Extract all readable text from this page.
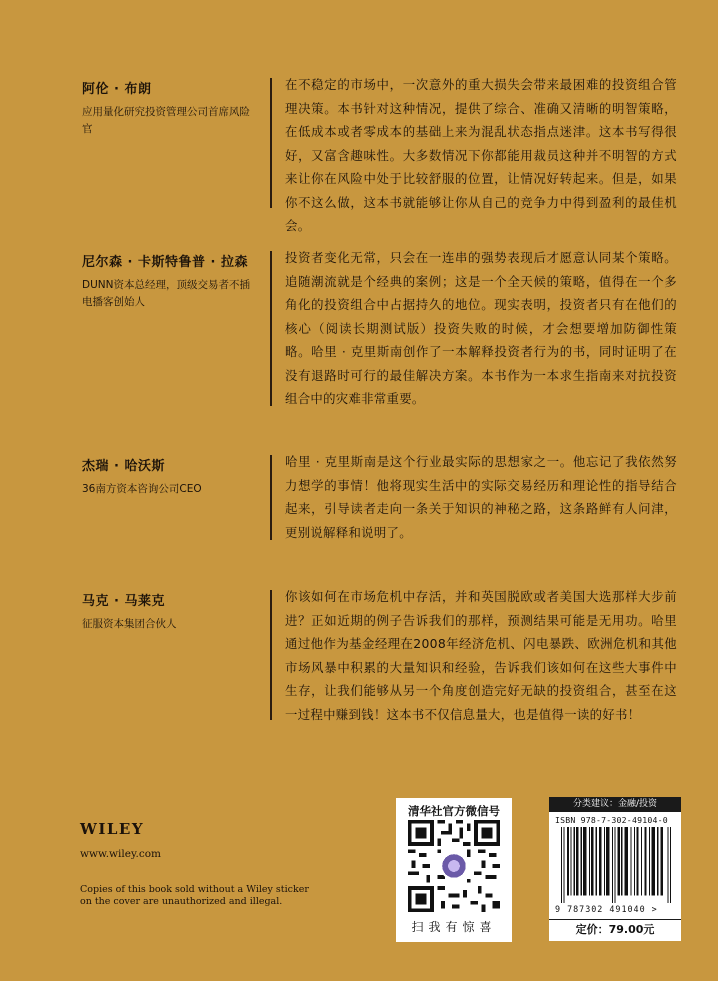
阿伦 · 布朗
应用量化研究投资管理公司首席风险官
在不稳定的市场中，一次意外的重大损失会带来最困难的投资组合管理决策。本书针对这种情况，提供了综合、准确又清晰的明智策略，在低成本或者零成本的基础上来为混乱状态指点迷津。这本书写得很好，又富含趣味性。大多数情况下你都能用裁员这种并不明智的方式来让你在风险中处于比较舒服的位置，让情况好转起来。但是，如果你不这么做，这本书就能够让你从自己的竞争力中得到盈利的最佳机会。
尼尔森 · 卡斯特鲁普 · 拉森
DUNN资本总经理，顶级交易者不插电播客创始人
投资者变化无常，只会在一连串的强势表现后才愿意认同某个策略。追随潮流就是个经典的案例；这是一个全天候的策略，值得在一个多角化的投资组合中占据持久的地位。现实表明，投资者只有在他们的核心（阅读长期测试版）投资失败的时候，才会想要增加防御性策略。哈里 · 克里斯南创作了一本解释投资者行为的书，同时证明了在没有退路时可行的最佳解决方案。本书作为一本求生指南来对抗投资组合中的灾难非常重要。
杰瑞 · 哈沃斯
36南方资本咨询公司CEO
哈里 · 克里斯南是这个行业最实际的思想家之一。他忘记了我依然努力想学的事情！他将现实生活中的实际交易经历和理论性的指导结合起来，引导读者走向一条关于知识的神秘之路，这条路鲜有人问津，更别说解释和说明了。
马克 · 马莱克
征服资本集团合伙人
你该如何在市场危机中存活，并和英国脱欧或者美国大选那样大步前进？正如近期的例子告诉我们的那样，预测结果可能是无用功。哈里通过他作为基金经理在2008年经济危机、闪电暴跌、欧洲危机和其他市场风暴中积累的大量知识和经验，告诉我们该如何在这些大事件中生存，让我们能够从另一个角度创造完好无缺的投资组合，甚至在这一过程中赚到钱！这本书不仅信息量大，也是值得一读的好书！
WILEY
www.wiley.com
Copies of this book sold without a Wiley sticker on the cover are unauthorized and illegal.
清华社官方微信号
扫我有惊喜
分类建议：金融/投资
ISBN 978-7-302-49104-0
9 787302 491040 >
定价：79.00元
